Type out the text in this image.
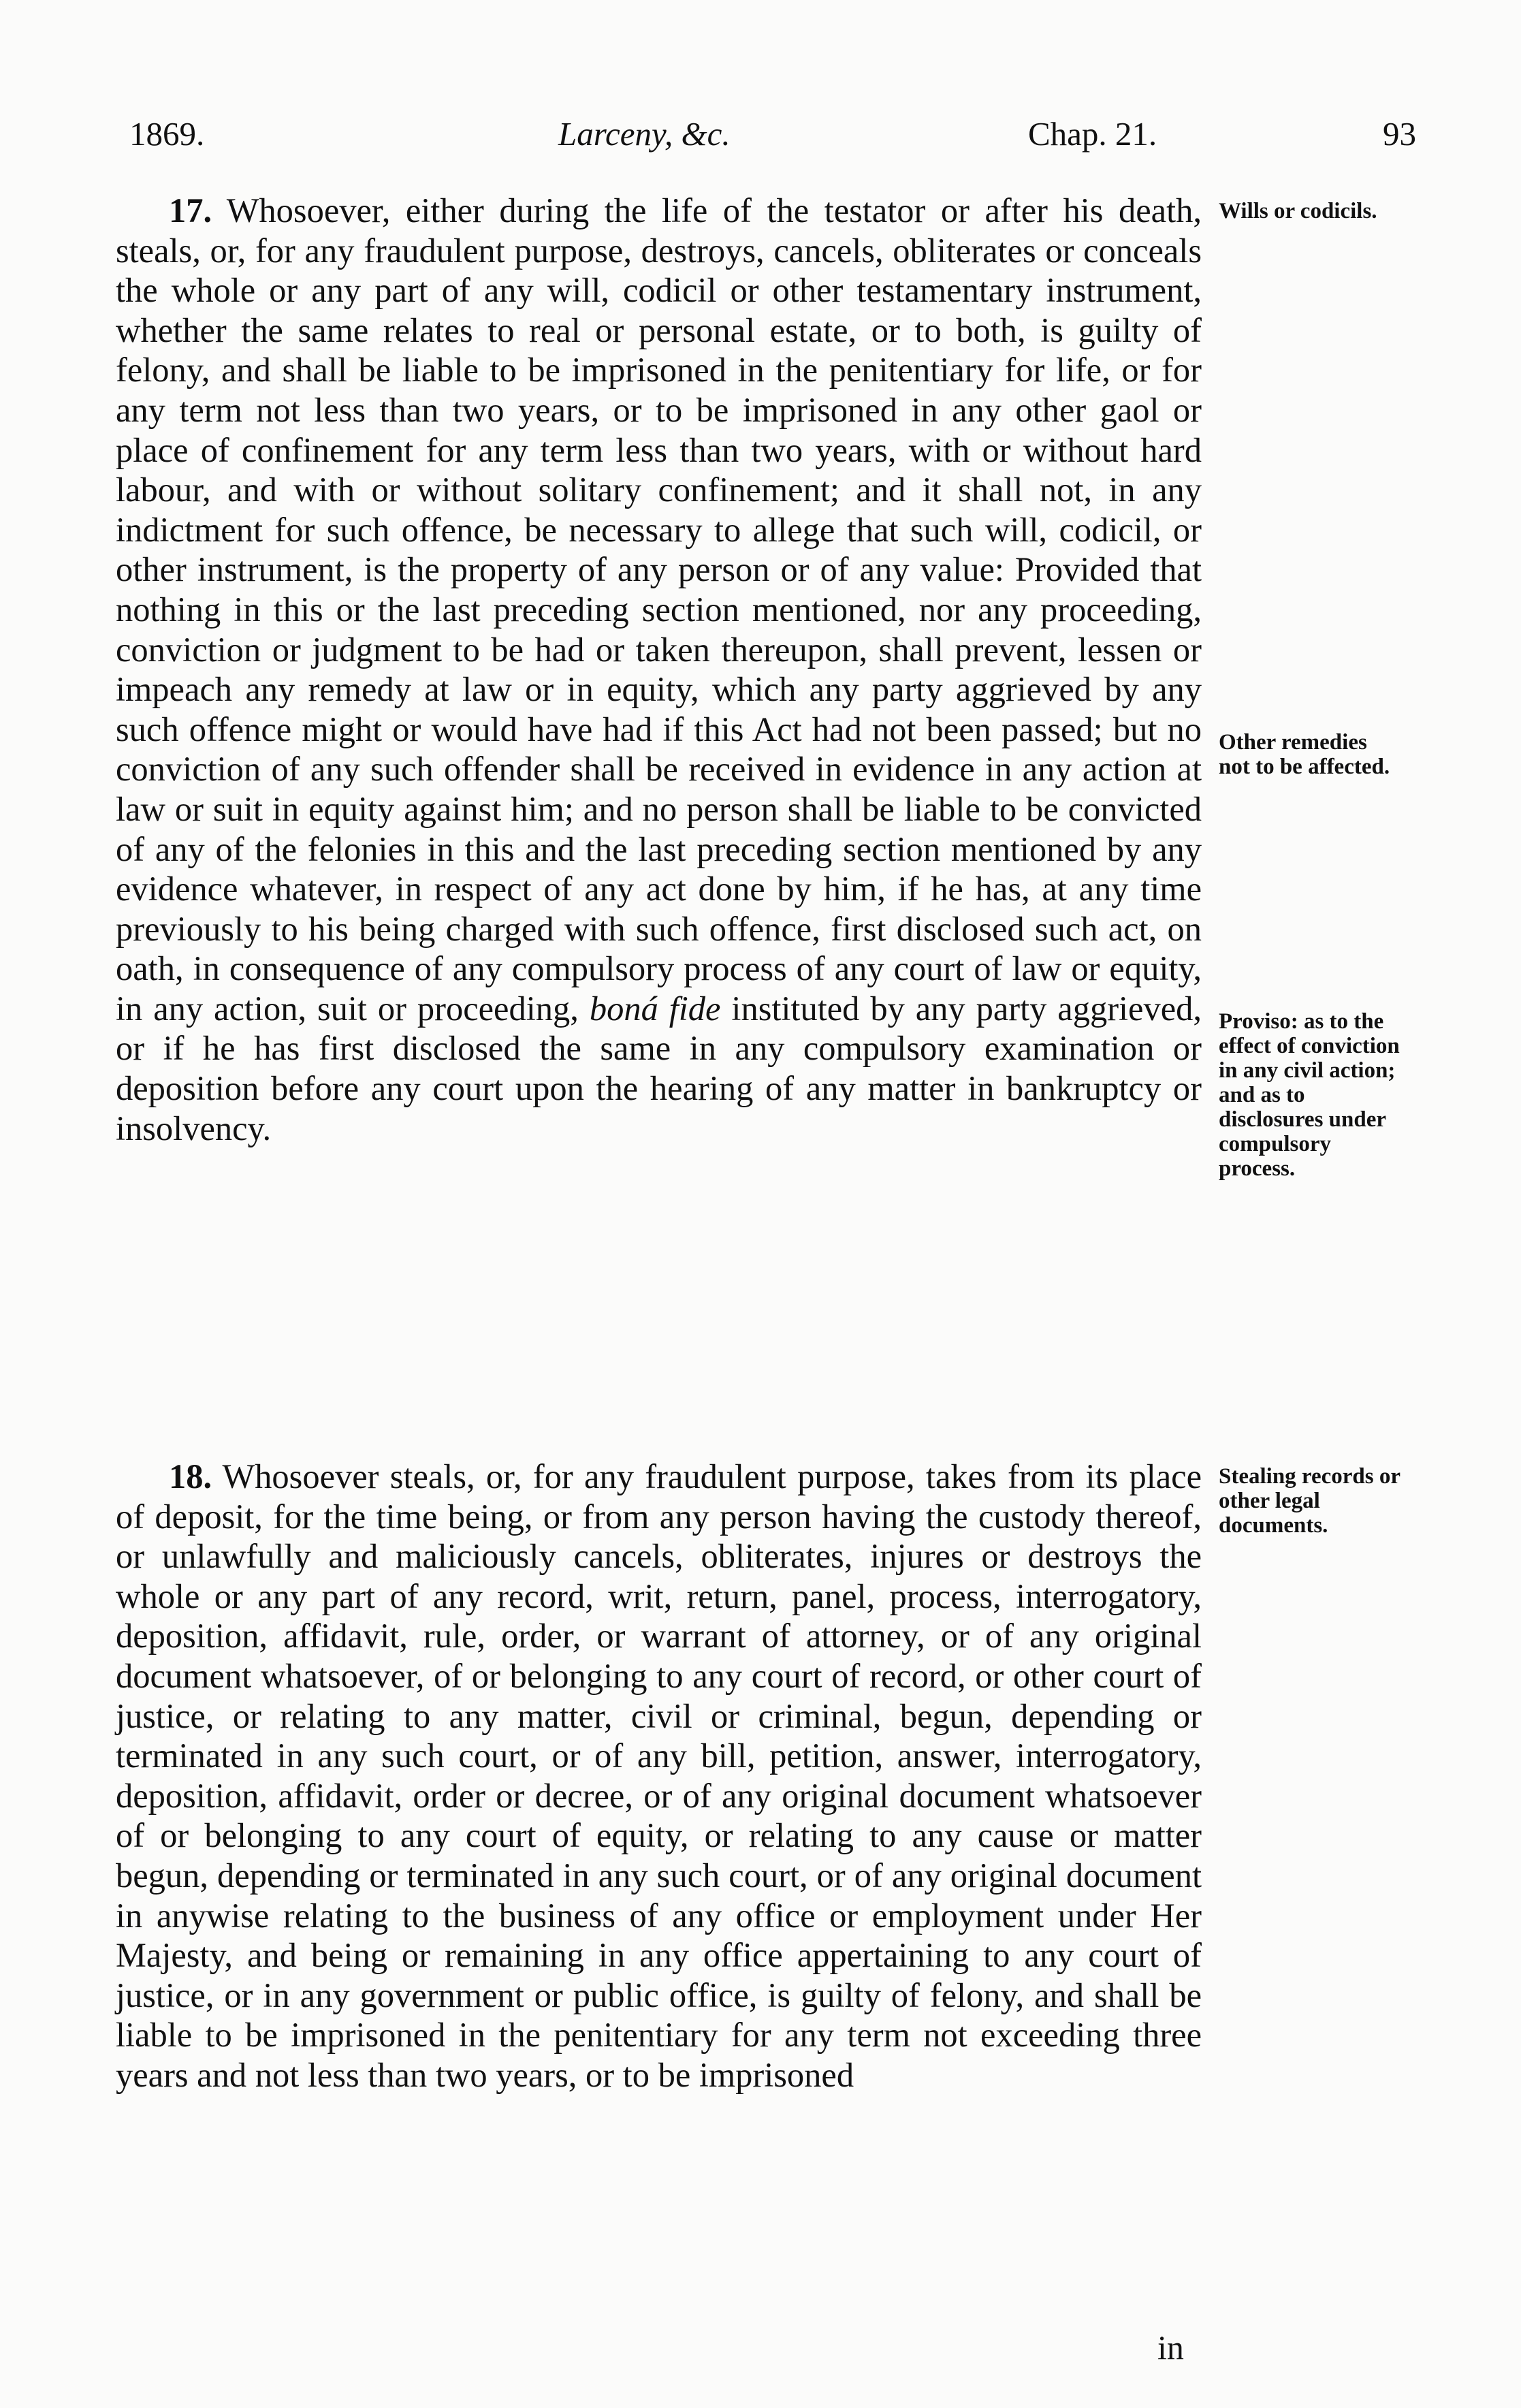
1869.	Larceny, &c.	Chap. 21.	93

17. Whosoever, either during the life of the testator or after his death, steals, or, for any fraudulent purpose, destroys, cancels, obliterates or conceals the whole or any part of any will, codicil or other testamentary instrument, whether the same relates to real or personal estate, or to both, is guilty of felony, and shall be liable to be imprisoned in the penitentiary for life, or for any term not less than two years, or to be imprisoned in any other gaol or place of confinement for any term less than two years, with or without hard labour, and with or without solitary confinement; and it shall not, in any indictment for such offence, be necessary to allege that such will, codicil, or other instrument, is the property of any person or of any value: Provided that nothing in this or the last preceding section mentioned, nor any proceeding, conviction or judgment to be had or taken thereupon, shall prevent, lessen or impeach any remedy at law or in equity, which any party aggrieved by any such offence might or would have had if this Act had not been passed; but no conviction of any such offender shall be received in evidence in any action at law or suit in equity against him; and no person shall be liable to be convicted of any of the felonies in this and the last preceding section mentioned by any evidence whatever, in respect of any act done by him, if he has, at any time previously to his being charged with such offence, first disclosed such act, on oath, in consequence of any compulsory process of any court of law or equity, in any action, suit or proceeding, boná fide instituted by any party aggrieved, or if he has first disclosed the same in any compulsory examination or deposition before any court upon the hearing of any matter in bankruptcy or insolvency.

18. Whosoever steals, or, for any fraudulent purpose, takes from its place of deposit, for the time being, or from any person having the custody thereof, or unlawfully and maliciously cancels, obliterates, injures or destroys the whole or any part of any record, writ, return, panel, process, interrogatory, deposition, affidavit, rule, order, or warrant of attorney, or of any original document whatsoever, of or belonging to any court of record, or other court of justice, or relating to any matter, civil or criminal, begun, depending or terminated in any such court, or of any bill, petition, answer, interrogatory, deposition, affidavit, order or decree, or of any original document whatsoever of or belonging to any court of equity, or relating to any cause or matter begun, depending or terminated in any such court, or of any original document in anywise relating to the business of any office or employment under Her Majesty, and being or remaining in any office appertaining to any court of justice, or in any government or public office, is guilty of felony, and shall be liable to be imprisoned in the penitentiary for any term not exceeding three years and not less than two years, or to be imprisoned

in
Wills or codicils.
Other remedies not to be affected.
Proviso: as to the effect of conviction in any civil action; and as to disclosures under compulsory process.
Stealing records or other legal documents.
